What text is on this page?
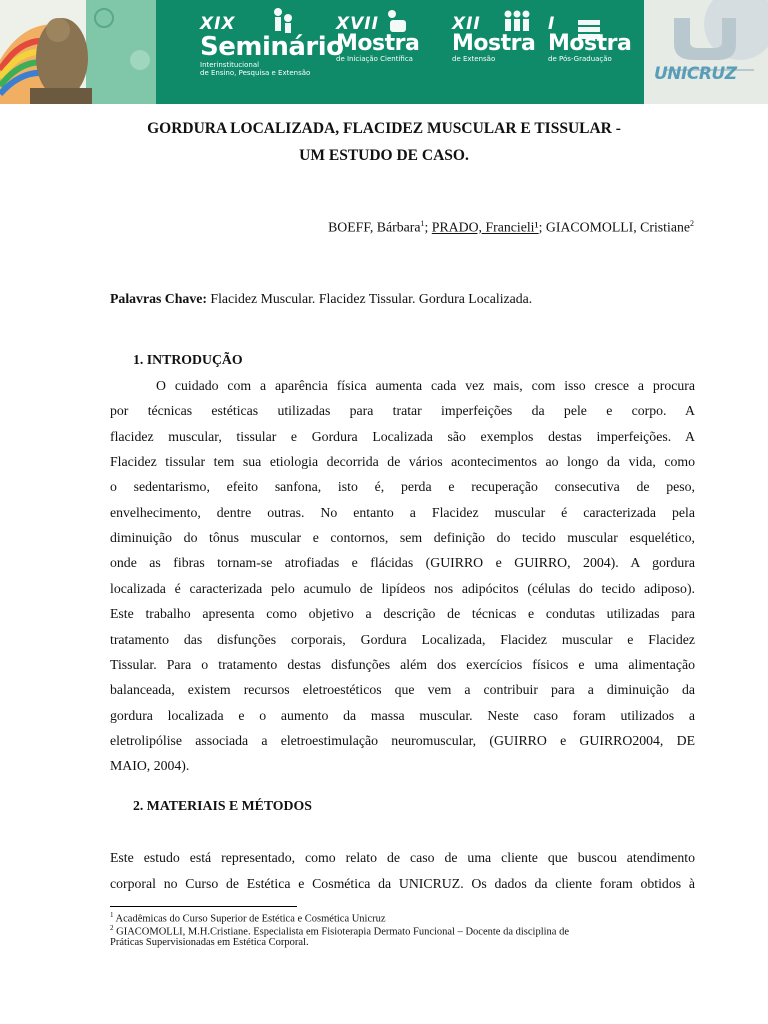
XIX
Seminário
Interinstitucional
de Ensino, Pesquisa e Extensão
XVII
Mostra
de Iniciação Científica
XII
Mostra
de Extensão
I
Mostra
de Pós-Graduação
UNICRUZ
GORDURA LOCALIZADA, FLACIDEZ MUSCULAR E TISSULAR -
UM ESTUDO DE CASO.
BOEFF, Bárbara$^1$; PRADO, Francieli¹; GIACOMOLLI, Cristiane$^2$
Palavras Chave: Flacidez Muscular. Flacidez Tissular. Gordura Localizada.
1. INTRODUÇÃO
O cuidado com a aparência física aumenta cada vez mais, com isso cresce a procura
por técnicas estéticas utilizadas para tratar imperfeições da pele e corpo. A
flacidez muscular, tissular e Gordura Localizada são exemplos destas imperfeições. A
Flacidez tissular tem sua etiologia decorrida de vários acontecimentos ao longo da vida, como
o sedentarismo, efeito sanfona, isto é, perda e recuperação consecutiva de peso,
envelhecimento, dentre outras. No entanto a Flacidez muscular é caracterizada pela
diminuição do tônus muscular e contornos, sem definição do tecido muscular esquelético,
onde as fibras tornam-se atrofiadas e flácidas (GUIRRO e GUIRRO, 2004). A gordura
localizada é caracterizada pelo acumulo de lipídeos nos adipócitos (células do tecido adiposo).
Este trabalho apresenta como objetivo a descrição de técnicas e condutas utilizadas para
tratamento das disfunções corporais, Gordura Localizada, Flacidez muscular e Flacidez
Tissular. Para o tratamento destas disfunções além dos exercícios físicos e uma alimentação
balanceada, existem recursos eletroestéticos que vem a contribuir para a diminuição da
gordura localizada e o aumento da massa muscular. Neste caso foram utilizados a
eletrolipólise associada a eletroestimulação neuromuscular, (GUIRRO e GUIRRO2004, DE
MAIO, 2004).
2. MATERIAIS E MÉTODOS
Este estudo está representado, como relato de caso de uma cliente que buscou atendimento
corporal no Curso de Estética e Cosmética da UNICRUZ. Os dados da cliente foram obtidos à
$^1$ Acadêmicas do Curso Superior de Estética e Cosmética Unicruz
$^2$ GIACOMOLLI, M.H.Cristiane. Especialista em Fisioterapia Dermato Funcional – Docente da disciplina de
Práticas Supervisionadas em Estética Corporal.
